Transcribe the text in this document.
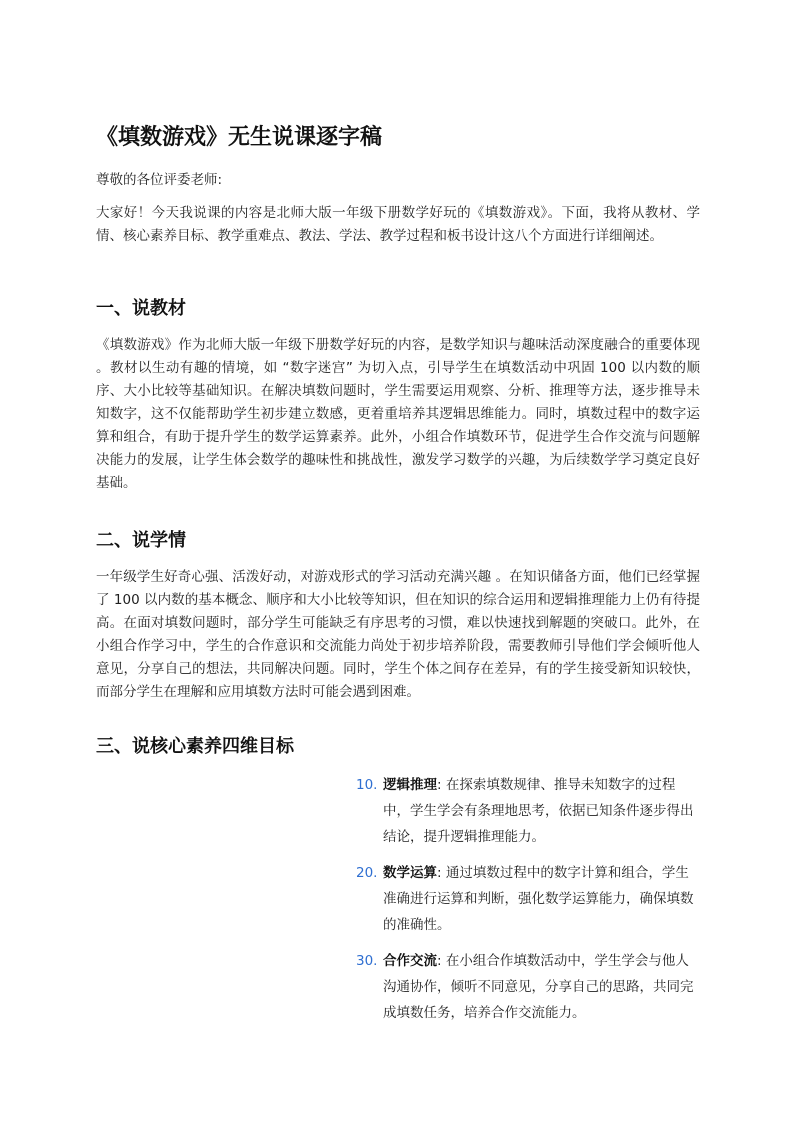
《填数游戏》无生说课逐字稿

尊敬的各位评委老师:

大家好！今天我说课的内容是北师大版一年级下册数学好玩的《填数游戏》。下面，我将从教材、学情、核心素养目标、教学重难点、教法、学法、教学过程和板书设计这八个方面进行详细阐述。

一、说教材

《填数游戏》作为北师大版一年级下册数学好玩的内容，是数学知识与趣味活动深度融合的重要体现 。教材以生动有趣的情境，如 “数字迷宫” 为切入点，引导学生在填数活动中巩固 100 以内数的顺序、大小比较等基础知识。在解决填数问题时，学生需要运用观察、分析、推理等方法，逐步推导未知数字，这不仅能帮助学生初步建立数感，更着重培养其逻辑思维能力。同时，填数过程中的数字运算和组合，有助于提升学生的数学运算素养。此外，小组合作填数环节，促进学生合作交流与问题解决能力的发展，让学生体会数学的趣味性和挑战性，激发学习数学的兴趣，为后续数学学习奠定良好基础。

二、说学情

一年级学生好奇心强、活泼好动，对游戏形式的学习活动充满兴趣 。在知识储备方面，他们已经掌握了 100 以内数的基本概念、顺序和大小比较等知识，但在知识的综合运用和逻辑推理能力上仍有待提高。在面对填数问题时，部分学生可能缺乏有序思考的习惯，难以快速找到解题的突破口。此外，在小组合作学习中，学生的合作意识和交流能力尚处于初步培养阶段，需要教师引导他们学会倾听他人意见，分享自己的想法，共同解决问题。同时，学生个体之间存在差异，有的学生接受新知识较快，而部分学生在理解和应用填数方法时可能会遇到困难。

三、说核心素养四维目标
10. 逻辑推理: 在探索填数规律、推导未知数字的过程中，学生学会有条理地思考，依据已知条件逐步得出结论，提升逻辑推理能力。
20. 数学运算: 通过填数过程中的数字计算和组合，学生准确进行运算和判断，强化数学运算能力，确保填数的准确性。
30. 合作交流: 在小组合作填数活动中，学生学会与他人沟通协作，倾听不同意见，分享自己的思路，共同完成填数任务，培养合作交流能力。
